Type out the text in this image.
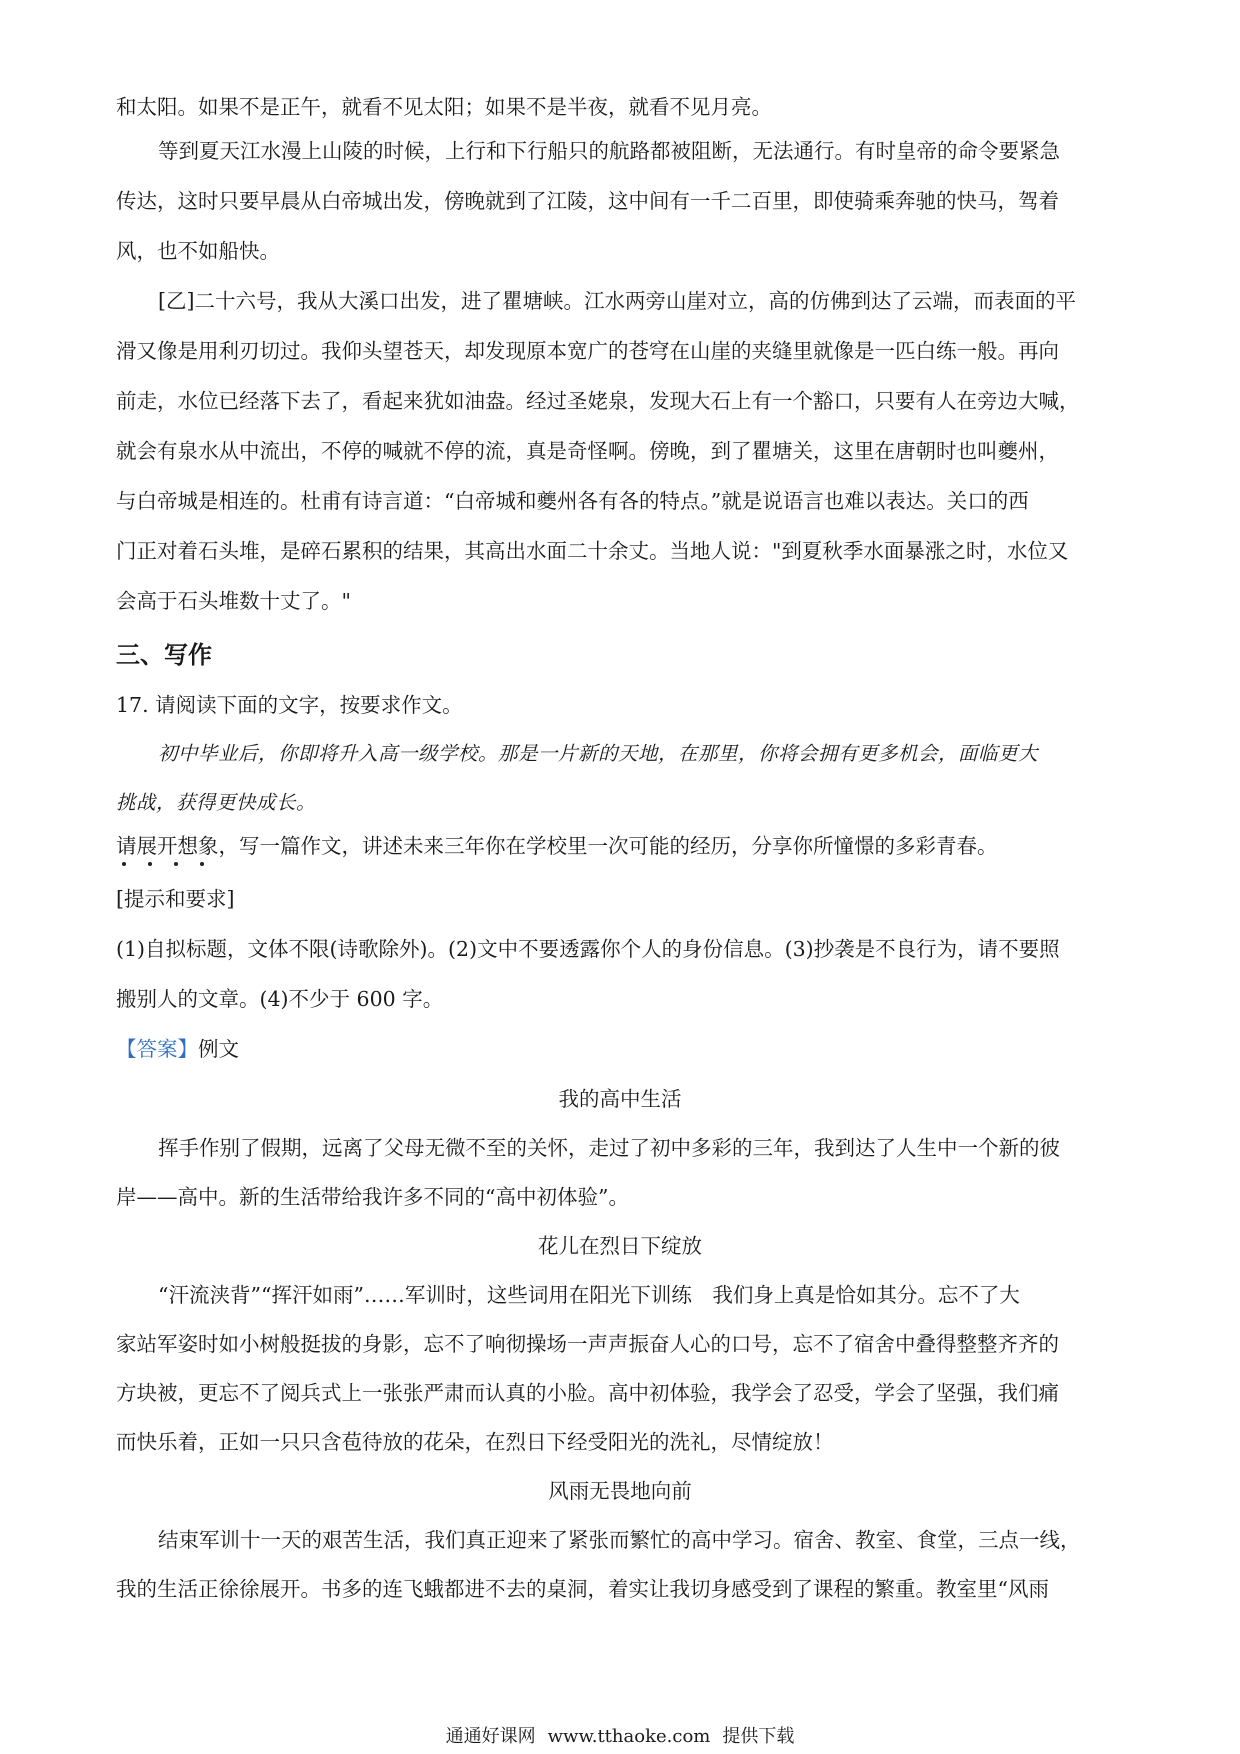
和太阳。如果不是正午，就看不见太阳；如果不是半夜，就看不见月亮。
等到夏天江水漫上山陵的时候，上行和下行船只的航路都被阻断，无法通行。有时皇帝的命令要紧急
传达，这时只要早晨从白帝城出发，傍晚就到了江陵，这中间有一千二百里，即使骑乘奔驰的快马，驾着
风，也不如船快。
[乙]二十六号，我从大溪口出发，进了瞿塘峡。江水两旁山崖对立，高的仿佛到达了云端，而表面的平
滑又像是用利刃切过。我仰头望苍天，却发现原本宽广的苍穹在山崖的夹缝里就像是一匹白练一般。再向
前走，水位已经落下去了，看起来犹如油盎。经过圣姥泉，发现大石上有一个豁口，只要有人在旁边大喊，
就会有泉水从中流出，不停的喊就不停的流，真是奇怪啊。傍晚，到了瞿塘关，这里在唐朝时也叫夔州，
与白帝城是相连的。杜甫有诗言道：“白帝城和夔州各有各的特点。”就是说语言也难以表达。关口的西
门正对着石头堆，是碎石累积的结果，其高出水面二十余丈。当地人说："到夏秋季水面暴涨之时，水位又
会高于石头堆数十丈了。"
三、写作
17. 请阅读下面的文字，按要求作文。
初中毕业后，你即将升入高一级学校。那是一片新的天地，在那里，你将会拥有更多机会，面临更大
挑战，获得更快成长。
请展开想象，写一篇作文，讲述未来三年你在学校里一次可能的经历，分享你所憧憬的多彩青春。
[提示和要求]
(1)自拟标题，文体不限(诗歌除外)。(2)文中不要透露你个人的身份信息。(3)抄袭是不良行为，请不要照
搬别人的文章。(4)不少于 600 字。
【答案】例文
我的高中生活
挥手作别了假期，远离了父母无微不至的关怀，走过了初中多彩的三年，我到达了人生中一个新的彼
岸——高中。新的生活带给我许多不同的“高中初体验”。
花儿在烈日下绽放
“汗流浃背”“挥汗如雨”……军训时，这些词用在阳光下训练　我们身上真是恰如其分。忘不了大
家站军姿时如小树般挺拔的身影，忘不了响彻操场一声声振奋人心的口号，忘不了宿舍中叠得整整齐齐的
方块被，更忘不了阅兵式上一张张严肃而认真的小脸。高中初体验，我学会了忍受，学会了坚强，我们痛
而快乐着，正如一只只含苞待放的花朵，在烈日下经受阳光的洗礼，尽情绽放！
风雨无畏地向前
结束军训十一天的艰苦生活，我们真正迎来了紧张而繁忙的高中学习。宿舍、教室、食堂，三点一线，
我的生活正徐徐展开。书多的连飞蛾都进不去的桌洞，着实让我切身感受到了课程的繁重。教室里“风雨
通通好课网 www.tthaoke.com 提供下载
